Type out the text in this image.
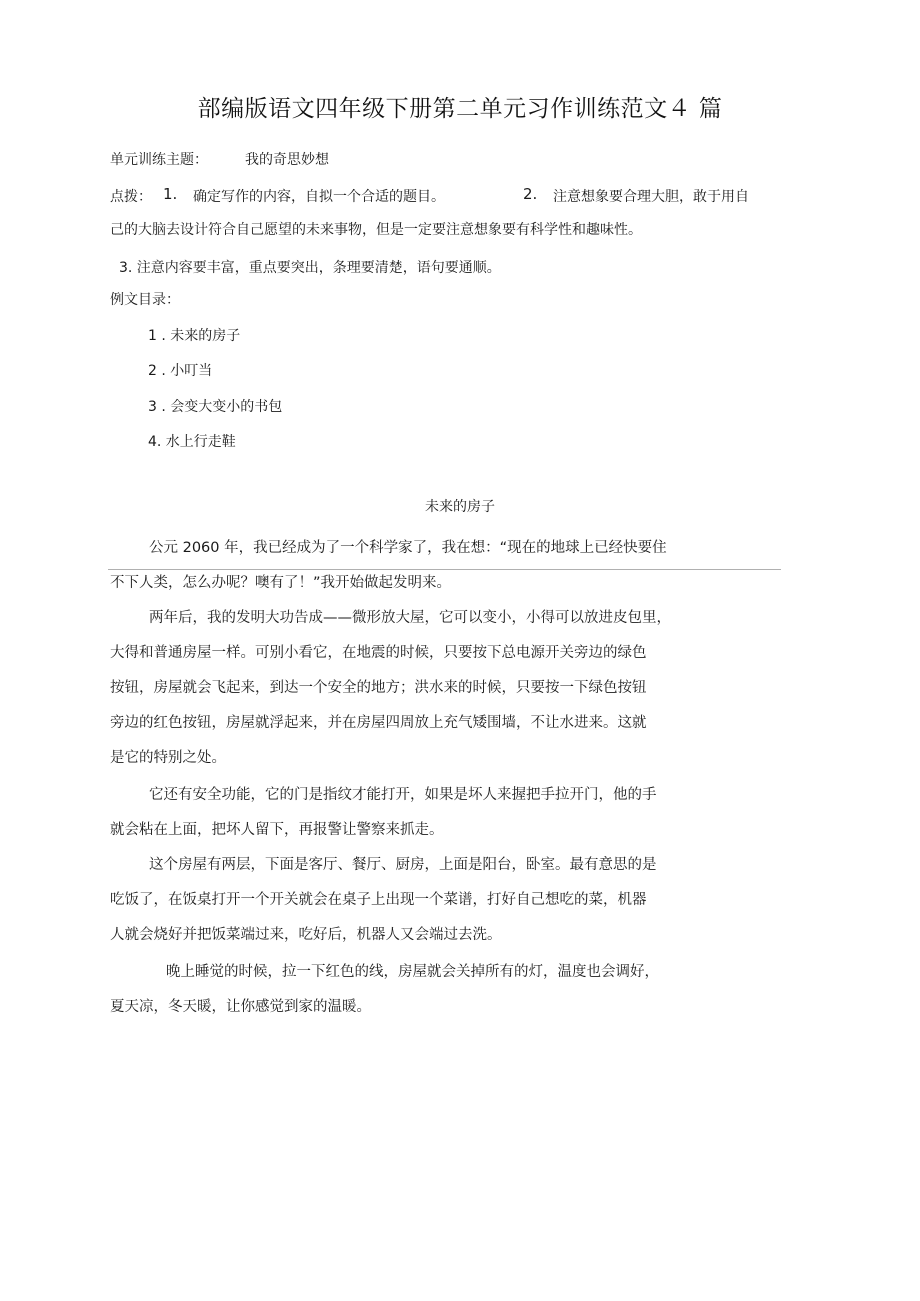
部编版语文四年级下册第二单元习作训练范文４ 篇
单元训练主题：	我的奇思妙想
点拨： 1. 确定写作的内容，自拟一个合适的题目。	2. 注意想象要合理大胆，敢于用自
己的大脑去设计符合自己愿望的未来事物，但是一定要注意想象要有科学性和趣味性。
3. 注意内容要丰富，重点要突出，条理要清楚，语句要通顺。
例文目录：
1 . 未来的房子
2 . 小叮当
3 . 会变大变小的书包
4. 水上行走鞋
未来的房子
公元 2060 年，我已经成为了一个科学家了，我在想：“现在的地球上已经快要住
不下人类，怎么办呢？噢有了！”我开始做起发明来。
两年后，我的发明大功告成——微形放大屋，它可以变小，小得可以放进皮包里，
大得和普通房屋一样。可别小看它，在地震的时候，只要按下总电源开关旁边的绿色
按钮，房屋就会飞起来，到达一个安全的地方；洪水来的时候，只要按一下绿色按钮
旁边的红色按钮，房屋就浮起来，并在房屋四周放上充气矮围墙，不让水进来。这就
是它的特别之处。
它还有安全功能，它的门是指纹才能打开，如果是坏人来握把手拉开门，他的手
就会粘在上面，把坏人留下，再报警让警察来抓走。
这个房屋有两层，下面是客厅、餐厅、厨房，上面是阳台，卧室。最有意思的是
吃饭了，在饭桌打开一个开关就会在桌子上出现一个菜谱，打好自己想吃的菜，机器
人就会烧好并把饭菜端过来，吃好后，机器人又会端过去洗。
晚上睡觉的时候，拉一下红色的线，房屋就会关掉所有的灯，温度也会调好，
夏天凉，冬天暖，让你感觉到家的温暖。
